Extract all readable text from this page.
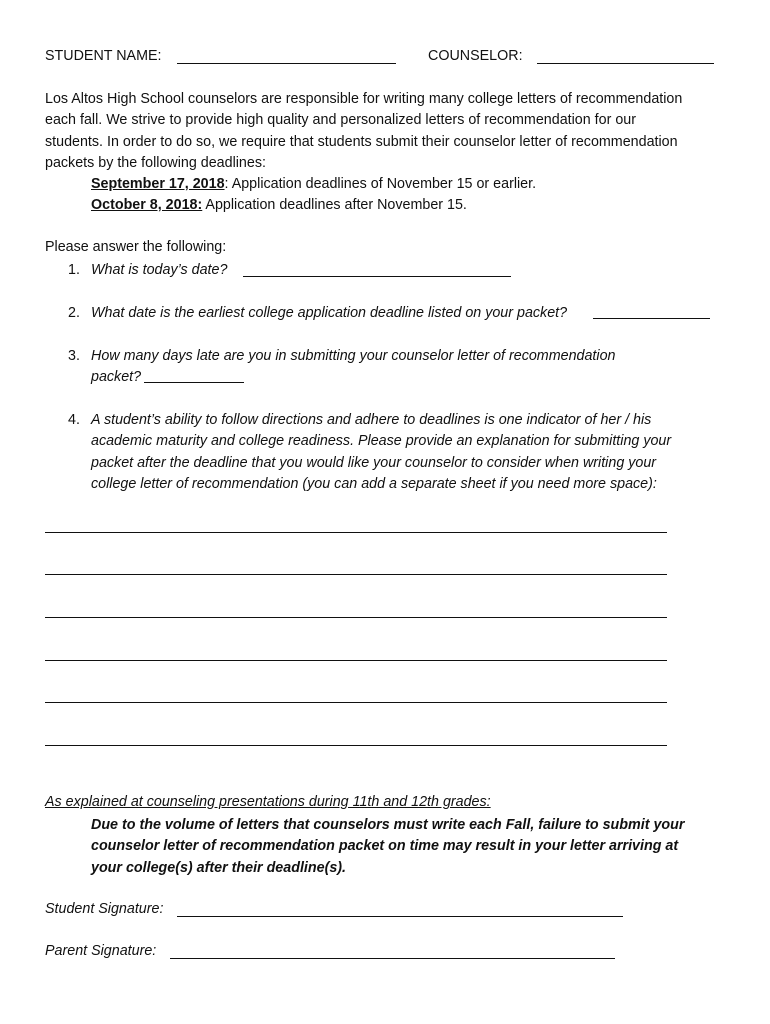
STUDENT NAME:	COUNSELOR:

Los Altos High School counselors are responsible for writing many college letters of recommendation

each fall. We strive to provide high quality and personalized letters of recommendation for our

students. In order to do so, we require that students submit their counselor letter of recommendation

packets by the following deadlines:

September 17, 2018: Application deadlines of November 15 or earlier.
October 8, 2018: Application deadlines after November 15.
Please answer the following:
1. What is today’s date?

2. What date is the earliest college application deadline listed on your packet?

3. How many days late are you in submitting your counselor letter of recommendation

packet?

4. A student’s ability to follow directions and adhere to deadlines is one indicator of her / his

academic maturity and college readiness. Please provide an explanation for submitting your

packet after the deadline that you would like your counselor to consider when writing your

college letter of recommendation (you can add a separate sheet if you need more space):

As explained at counseling presentations during 11th and 12th grades:

Due to the volume of letters that counselors must write each Fall, failure to submit your

counselor letter of recommendation packet on time may result in your letter arriving at

your college(s) after their deadline(s).

Student Signature:
Parent Signature:
